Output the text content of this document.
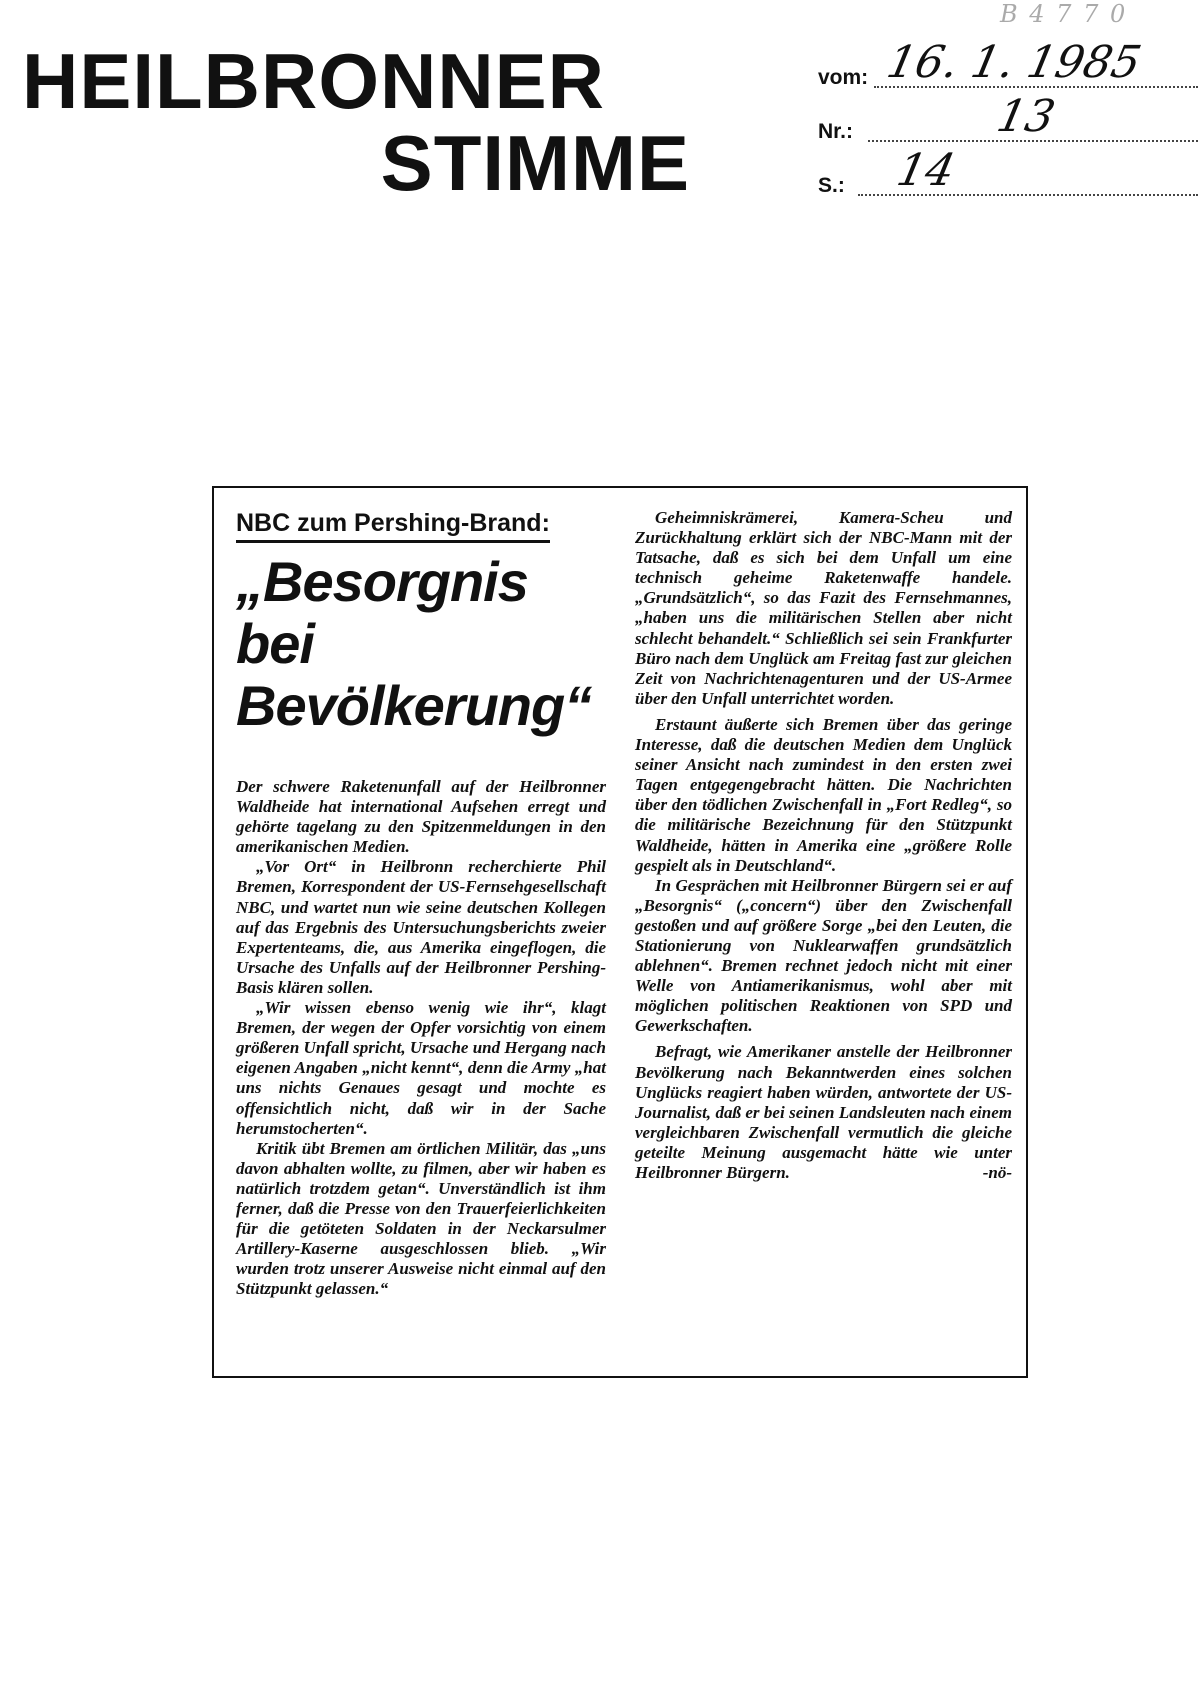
HEILBRONNER
STIMME
B 4 7 7 0
vom: 16. 1. 1985
Nr.:	13
S.: 14
NBC zum Pershing-Brand:
„Besorgnis bei Bevölkerung“

Der schwere Raketenunfall auf der Heilbronner Waldheide hat international Aufsehen erregt und gehörte tagelang zu den Spitzenmeldungen in den amerikanischen Medien.

„Vor Ort“ in Heilbronn recherchierte Phil Bremen, Korrespondent der US-Fernsehgesellschaft NBC, und wartet nun wie seine deutschen Kollegen auf das Ergebnis des Untersuchungsberichts zweier Expertenteams, die, aus Amerika eingeflogen, die Ursache des Unfalls auf der Heilbronner Pershing-Basis klären sollen.

„Wir wissen ebenso wenig wie ihr“, klagt Bremen, der wegen der Opfer vorsichtig von einem größeren Unfall spricht, Ursache und Hergang nach eigenen Angaben „nicht kennt“, denn die Army „hat uns nichts Genaues gesagt und mochte es offensichtlich nicht, daß wir in der Sache herumstocherten“.

Kritik übt Bremen am örtlichen Militär, das „uns davon abhalten wollte, zu filmen, aber wir haben es natürlich trotzdem getan“. Unverständlich ist ihm ferner, daß die Presse von den Trauerfeierlichkeiten für die getöteten Soldaten in der Neckarsulmer Artillery-Kaserne ausgeschlossen blieb. „Wir wurden trotz unserer Ausweise nicht einmal auf den Stützpunkt gelassen.“

Geheimniskrämerei, Kamera-Scheu und Zurückhaltung erklärt sich der NBC-Mann mit der Tatsache, daß es sich bei dem Unfall um eine technisch geheime Raketenwaffe handele. „Grundsätzlich“, so das Fazit des Fernsehmannes, „haben uns die militärischen Stellen aber nicht schlecht behandelt.“ Schließlich sei sein Frankfurter Büro nach dem Unglück am Freitag fast zur gleichen Zeit von Nachrichtenagenturen und der US-Armee über den Unfall unterrichtet worden.

Erstaunt äußerte sich Bremen über das geringe Interesse, daß die deutschen Medien dem Unglück seiner Ansicht nach zumindest in den ersten zwei Tagen entgegengebracht hätten. Die Nachrichten über den tödlichen Zwischenfall in „Fort Redleg“, so die militärische Bezeichnung für den Stützpunkt Waldheide, hätten in Amerika eine „größere Rolle gespielt als in Deutschland“.

In Gesprächen mit Heilbronner Bürgern sei er auf „Besorgnis“ („concern“) über den Zwischenfall gestoßen und auf größere Sorge „bei den Leuten, die Stationierung von Nuklearwaffen grundsätzlich ablehnen“. Bremen rechnet jedoch nicht mit einer Welle von Antiamerikanismus, wohl aber mit möglichen politischen Reaktionen von SPD und Gewerkschaften.

Befragt, wie Amerikaner anstelle der Heilbronner Bevölkerung nach Bekanntwerden eines solchen Unglücks reagiert haben würden, antwortete der US-Journalist, daß er bei seinen Landsleuten nach einem vergleichbaren Zwischenfall vermutlich die gleiche geteilte Meinung ausgemacht hätte wie unter Heilbronner Bürgern.	-nö-
